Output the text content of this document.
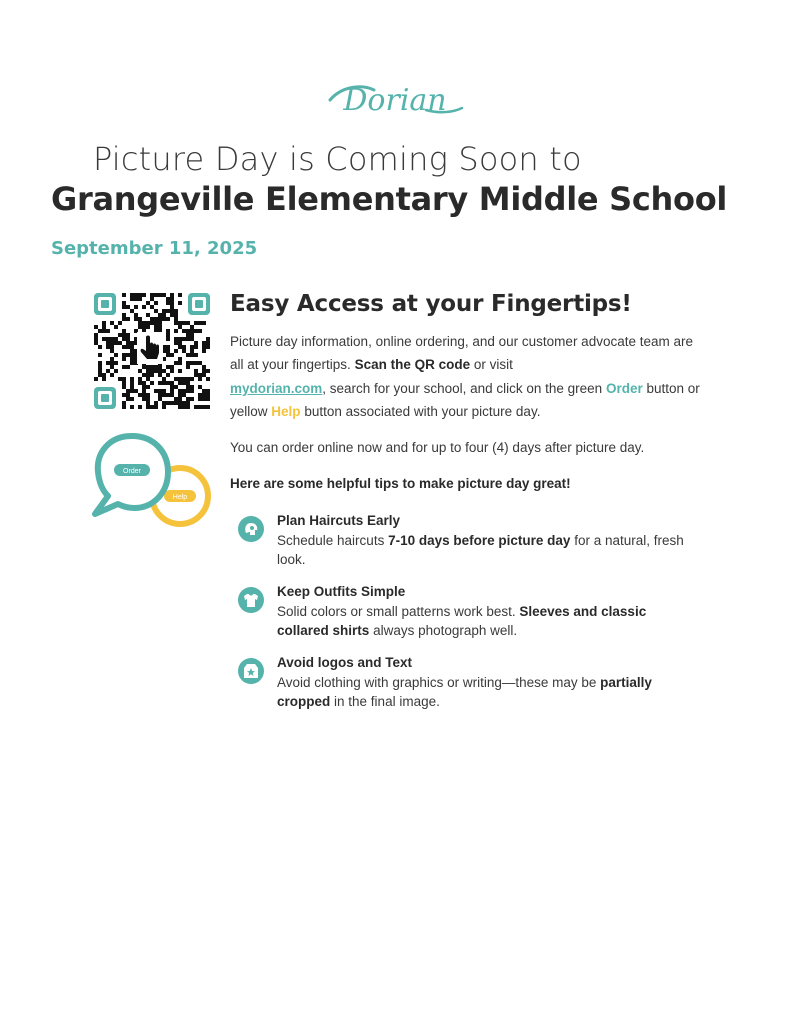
Dorian
Picture Day is Coming Soon to
Grangeville Elementary Middle School
September 11, 2025
Help
Order
Easy Access at your Fingertips!
Picture day information, online ordering, and our customer advocate team are all at your fingertips. Scan the QR code or visit
mydorian.com, search for your school, and click on the green Order button or yellow Help button associated with your picture day.
You can order online now and for up to four (4) days after picture day.
Here are some helpful tips to make picture day great!
Plan Haircuts Early
Schedule haircuts 7-10 days before picture day for a natural, fresh look.
Keep Outfits Simple
Solid colors or small patterns work best. Sleeves and classic collared shirts always photograph well.
Avoid logos and Text
Avoid clothing with graphics or writing—these may be partially cropped in the final image.
